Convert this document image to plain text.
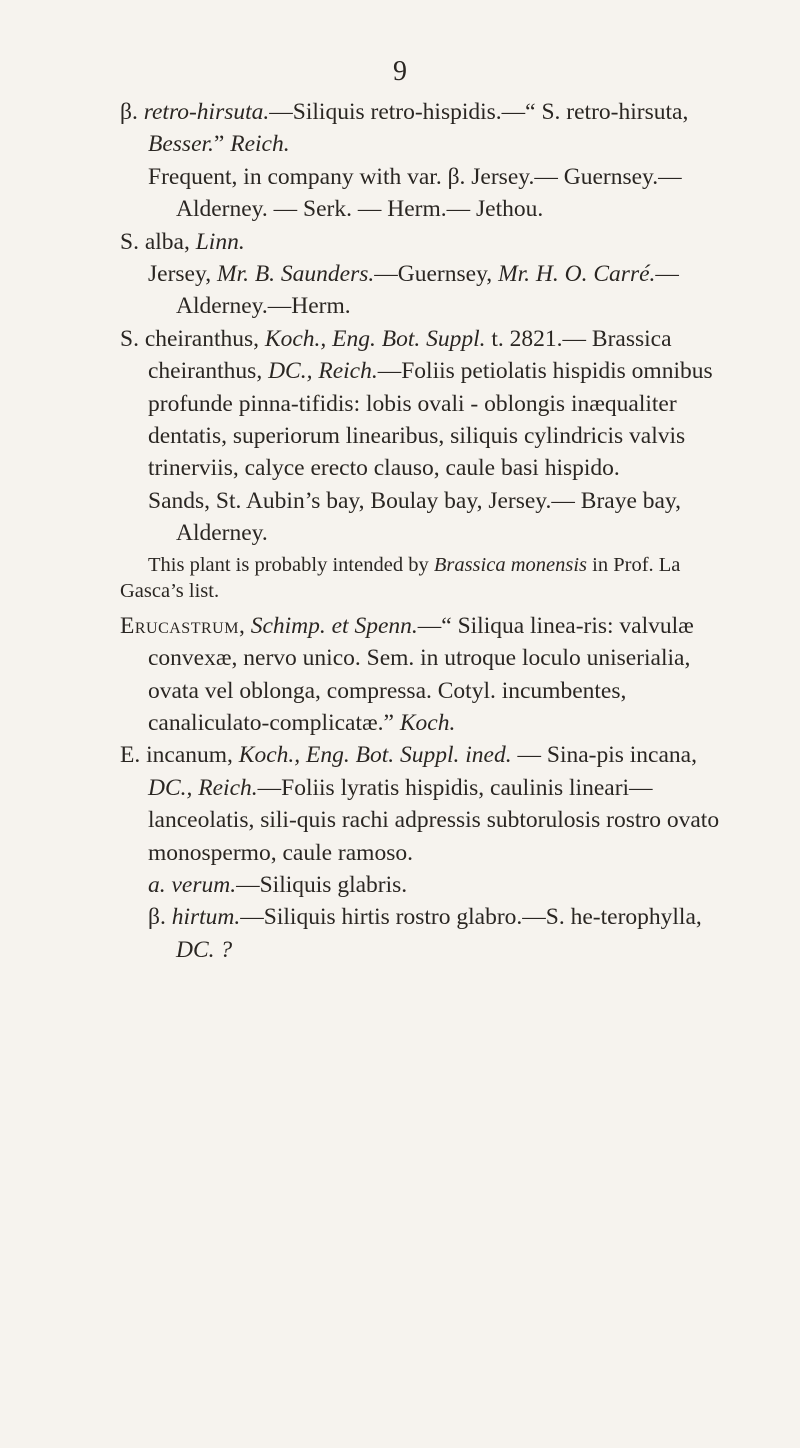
9

β. retro-hirsuta.—Siliquis retro-hispidis.—“ S. retro-hirsuta, Besser.” Reich.

Frequent, in company with var. β. Jersey.— Guernsey.— Alderney. — Serk. — Herm.— Jethou.

S. alba, Linn.

Jersey, Mr. B. Saunders.—Guernsey, Mr. H. O. Carré.—Alderney.—Herm.

S. cheiranthus, Koch., Eng. Bot. Suppl. t. 2821.— Brassica cheiranthus, DC., Reich.—Foliis petiolatis hispidis omnibus profunde pinna-tifidis: lobis ovali - oblongis inæqualiter dentatis, superiorum linearibus, siliquis cylindricis valvis trinerviis, calyce erecto clauso, caule basi hispido.

Sands, St. Aubin’s bay, Boulay bay, Jersey.— Braye bay, Alderney.

This plant is probably intended by Brassica monensis in Prof. La Gasca’s list.

Erucastrum, Schimp. et Spenn.—“ Siliqua linea-ris: valvulæ convexæ, nervo unico. Sem. in utroque loculo uniserialia, ovata vel oblonga, compressa. Cotyl. incumbentes, canaliculato-complicatæ.” Koch.

E. incanum, Koch., Eng. Bot. Suppl. ined. — Sina-pis incana, DC., Reich.—Foliis lyratis hispidis, caulinis lineari—lanceolatis, sili-quis rachi adpressis subtorulosis rostro ovato monospermo, caule ramoso.

a. verum.—Siliquis glabris.

β. hirtum.—Siliquis hirtis rostro glabro.—S. he-terophylla, DC. ?
